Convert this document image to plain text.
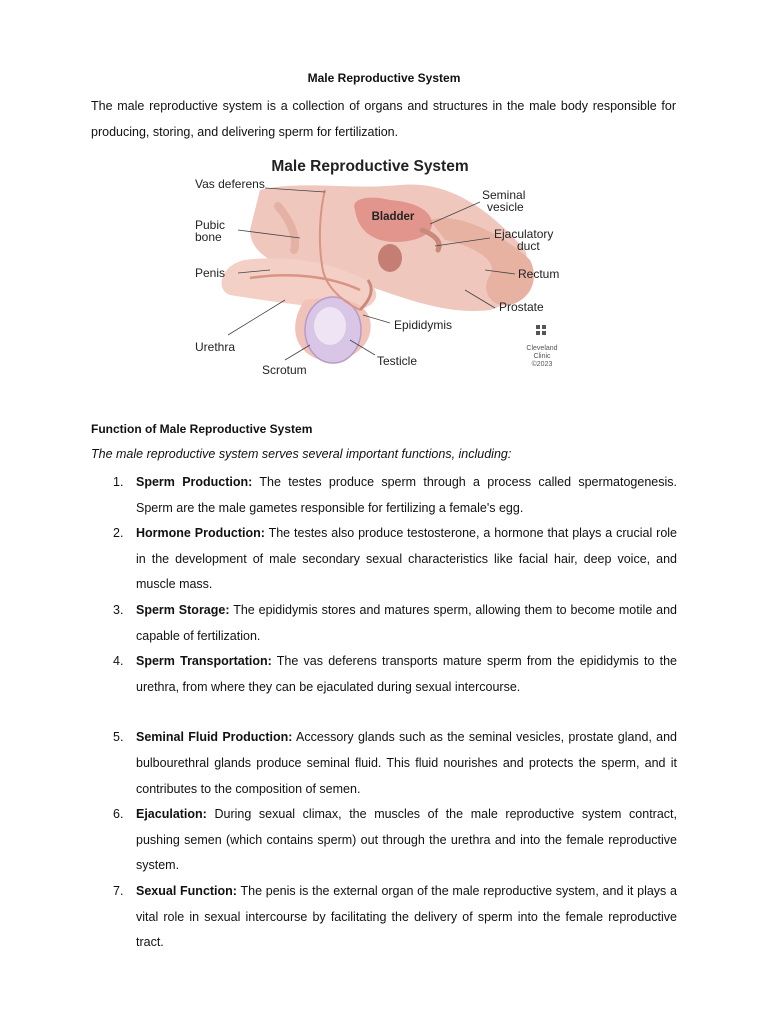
Male Reproductive System
The male reproductive system is a collection of organs and structures in the male body responsible for producing, storing, and delivering sperm for fertilization.
Male Reproductive System
Vas deferens
Pubic
bone
Penis
Urethra
Scrotum
Testicle
Epididymis
Prostate
Rectum
Ejaculatory
duct
Seminal
vesicle
Bladder
Cleveland
Clinic
©2023
Function of Male Reproductive System
The male reproductive system serves several important functions, including:
1. Sperm Production: The testes produce sperm through a process called spermatogenesis. Sperm are the male gametes responsible for fertilizing a female's egg.
2. Hormone Production: The testes also produce testosterone, a hormone that plays a crucial role in the development of male secondary sexual characteristics like facial hair, deep voice, and muscle mass.
3. Sperm Storage: The epididymis stores and matures sperm, allowing them to become motile and capable of fertilization.
4. Sperm Transportation: The vas deferens transports mature sperm from the epididymis to the urethra, from where they can be ejaculated during sexual intercourse.
5. Seminal Fluid Production: Accessory glands such as the seminal vesicles, prostate gland, and bulbourethral glands produce seminal fluid. This fluid nourishes and protects the sperm, and it contributes to the composition of semen.
6. Ejaculation: During sexual climax, the muscles of the male reproductive system contract, pushing semen (which contains sperm) out through the urethra and into the female reproductive system.
7. Sexual Function: The penis is the external organ of the male reproductive system, and it plays a vital role in sexual intercourse by facilitating the delivery of sperm into the female reproductive tract.
